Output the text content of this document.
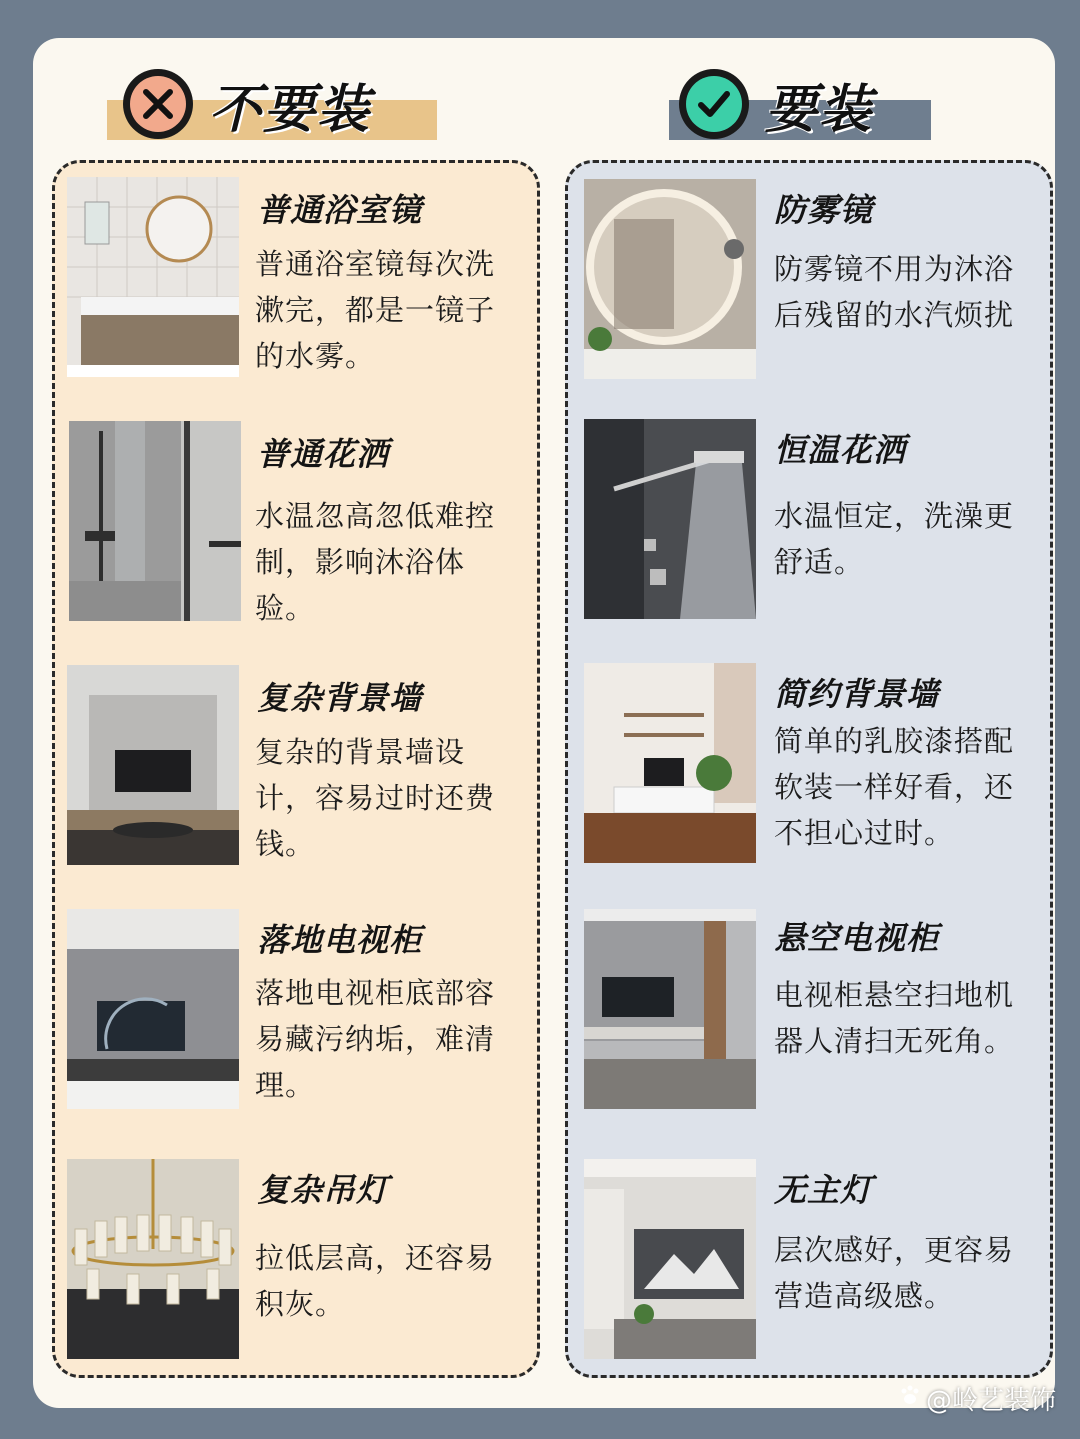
不要装	要装
普通浴室镜
普通浴室镜每次洗漱完，都是一镜子的水雾。
普通花洒
水温忽高忽低难控制，影响沐浴体验。
复杂背景墙
复杂的背景墙设计，容易过时还费钱。
落地电视柜
落地电视柜底部容易藏污纳垢，难清理。
复杂吊灯
拉低层高，还容易积灰。
防雾镜
防雾镜不用为沐浴后残留的水汽烦扰
恒温花洒
水温恒定，洗澡更舒适。
简约背景墙
简单的乳胶漆搭配软装一样好看，还不担心过时。
悬空电视柜
电视柜悬空扫地机器人清扫无死角。
无主灯
层次感好，更容易营造高级感。
@岭艺装饰
